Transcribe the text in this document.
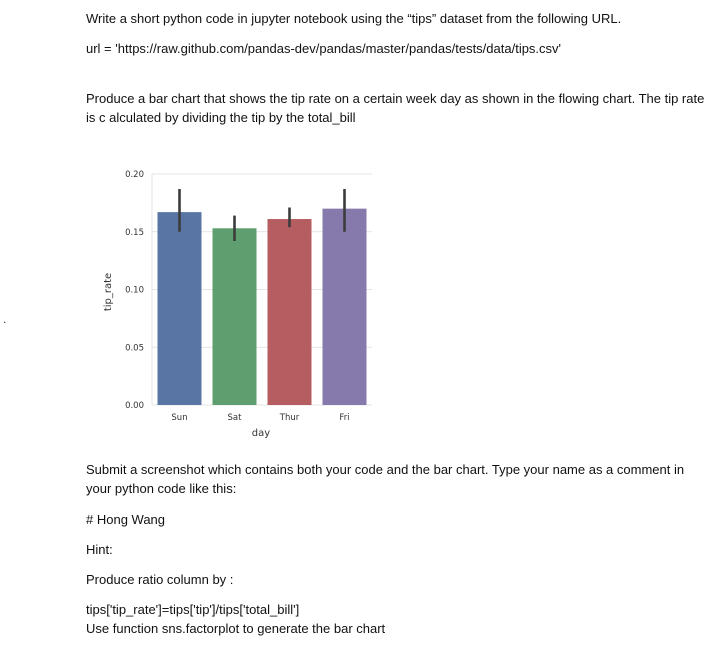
Write a short python code in jupyter notebook using the “tips” dataset from the following URL.

url = 'https://raw.github.com/pandas-dev/pandas/master/pandas/tests/data/tips.csv'

Produce a bar chart that shows the tip rate on a certain week day as shown in the flowing chart. The tip rate is c alculated by dividing the tip by the total_bill

.
0.00
0.05
0.10
0.15
0.20
Sun	Sat	Thur	Fri
day
tip_rate

Submit a screenshot which contains both your code and the bar chart. Type your name as a comment in your python code like this:

# Hong Wang

Hint:

Produce ratio column by :

tips['tip_rate']=tips['tip']/tips['total_bill']

Use function sns.factorplot to generate the bar chart
